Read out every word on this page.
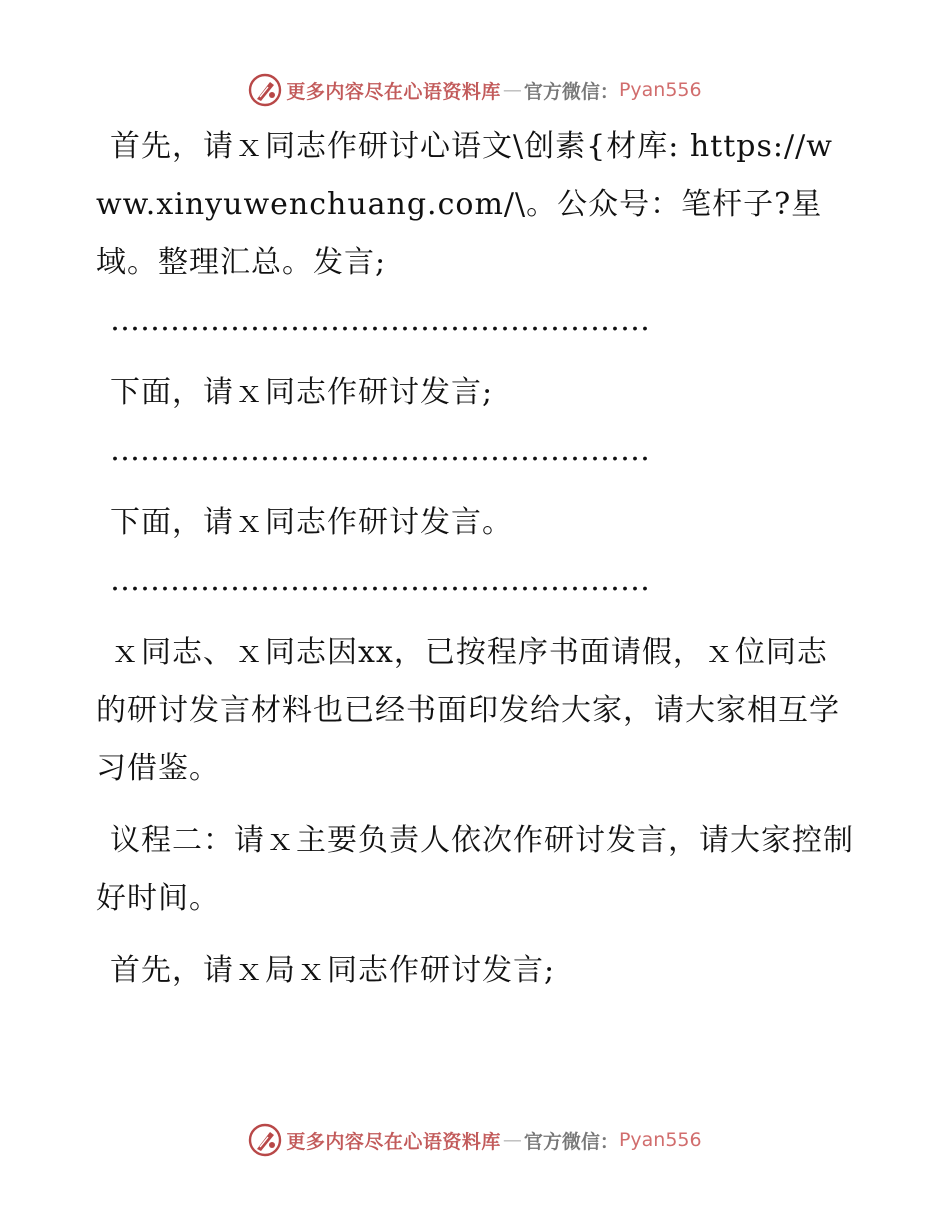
更多内容尽在心语资料库 — 官方微信： Pyan556

首先，请ｘ同志作研讨心语文\创素{材库: https://www.xinyuwenchuang.com/\。公众号：笔杆子?星域。整理汇总。发言;

………………………………………………

下面，请ｘ同志作研讨发言;

………………………………………………

下面，请ｘ同志作研讨发言。

………………………………………………

ｘ同志、ｘ同志因xx，已按程序书面请假，ｘ位同志的研讨发言材料也已经书面印发给大家，请大家相互学习借鉴。

议程二：请ｘ主要负责人依次作研讨发言，请大家控制好时间。

首先，请ｘ局ｘ同志作研讨发言;

更多内容尽在心语资料库 — 官方微信： Pyan556
